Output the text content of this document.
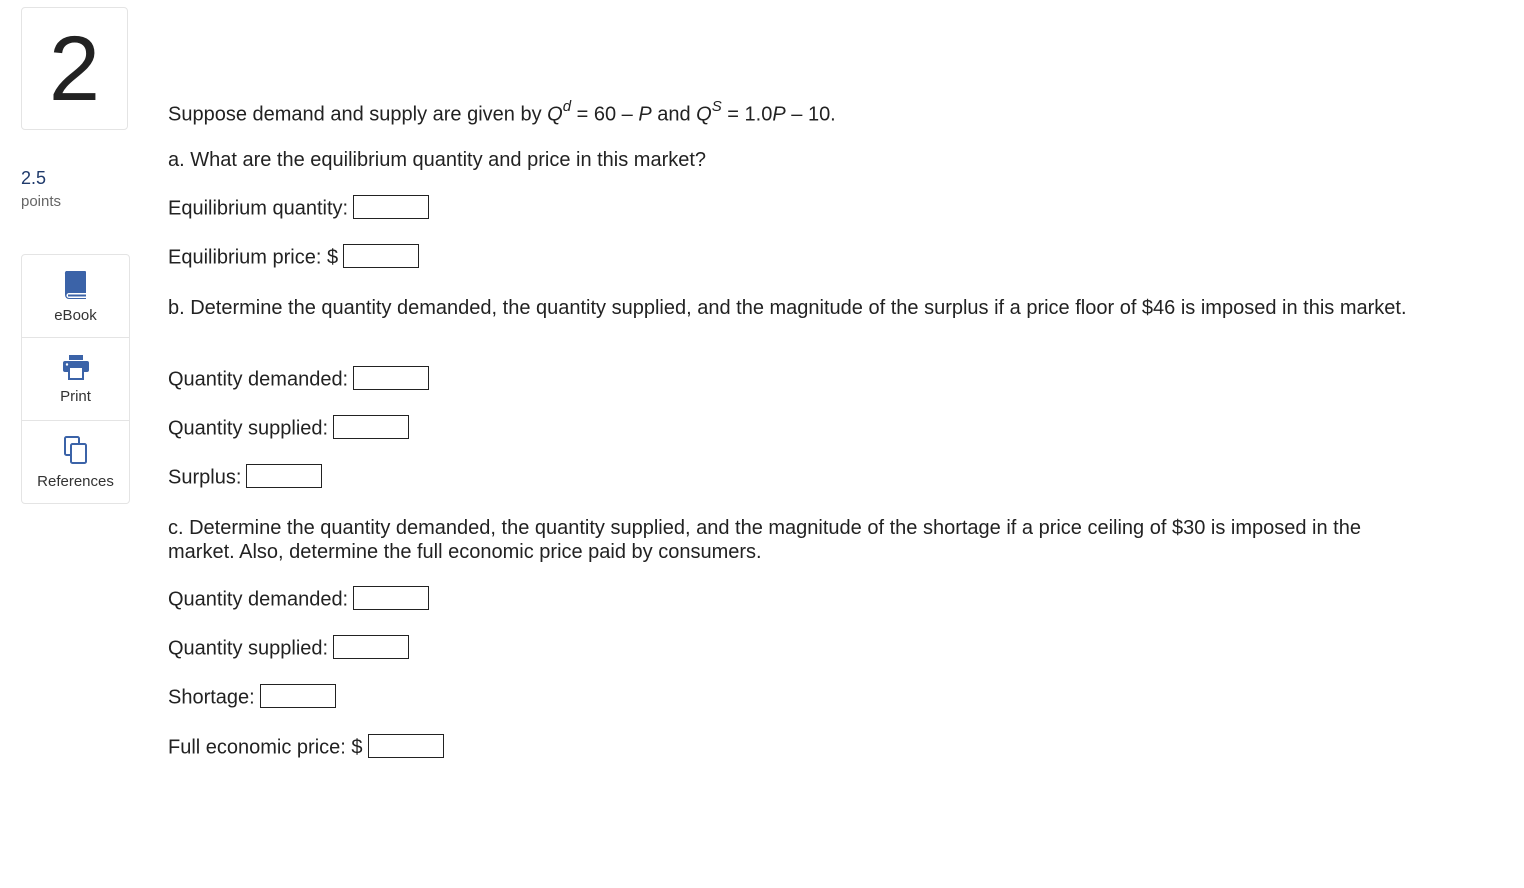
2
2.5
points
eBook
Print
References
Suppose demand and supply are given by $Q^d = 60 - P$ and $Q^S = 1.0P - 10$.
a. What are the equilibrium quantity and price in this market?
Equilibrium quantity:
Equilibrium price: $
b. Determine the quantity demanded, the quantity supplied, and the magnitude of the surplus if a price floor of $46 is imposed in this market.
Quantity demanded:
Quantity supplied:
Surplus:
c. Determine the quantity demanded, the quantity supplied, and the magnitude of the shortage if a price ceiling of $30 is imposed in the market. Also, determine the full economic price paid by consumers.
Quantity demanded:
Quantity supplied:
Shortage:
Full economic price: $
